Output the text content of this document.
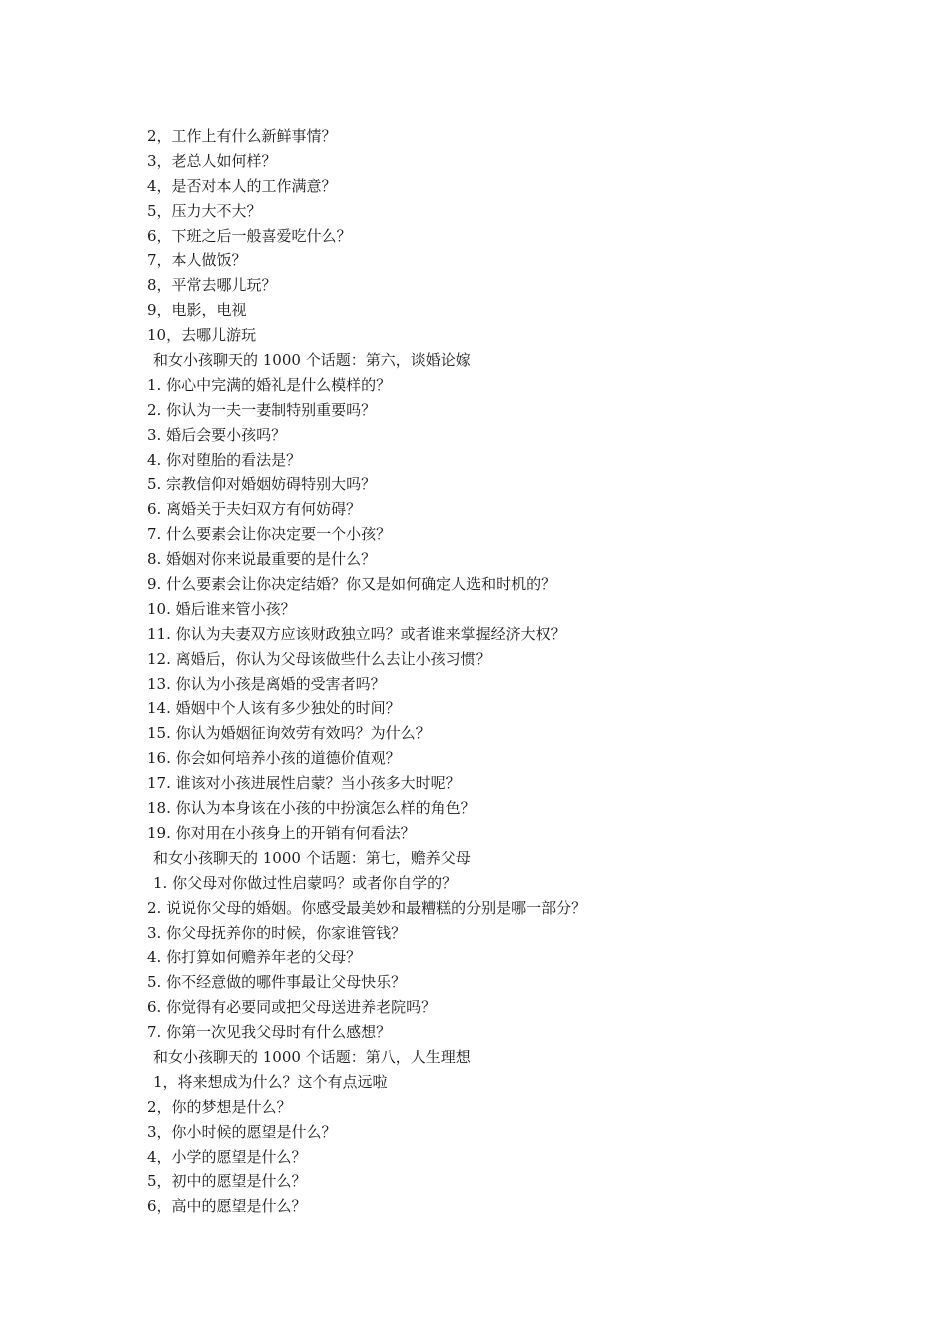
2，工作上有什么新鲜事情？
3，老总人如何样？
4，是否对本人的工作满意？
5，压力大不大？
6，下班之后一般喜爱吃什么？
7，本人做饭？
8，平常去哪儿玩？
9，电影，电视
10，去哪儿游玩
和女小孩聊天的 1000 个话题：第六，谈婚论嫁
1. 你心中完满的婚礼是什么模样的？
2. 你认为一夫一妻制特别重要吗？
3. 婚后会要小孩吗？
4. 你对堕胎的看法是？
5. 宗教信仰对婚姻妨碍特别大吗？
6. 离婚关于夫妇双方有何妨碍？
7. 什么要素会让你决定要一个小孩？
8. 婚姻对你来说最重要的是什么？
9. 什么要素会让你决定结婚？你又是如何确定人选和时机的？
10. 婚后谁来管小孩？
11. 你认为夫妻双方应该财政独立吗？或者谁来掌握经济大权？
12. 离婚后，你认为父母该做些什么去让小孩习惯？
13. 你认为小孩是离婚的受害者吗？
14. 婚姻中个人该有多少独处的时间？
15. 你认为婚姻征询效劳有效吗？为什么？
16. 你会如何培养小孩的道德价值观？
17. 谁该对小孩进展性启蒙？当小孩多大时呢？
18. 你认为本身该在小孩的中扮演怎么样的角色？
19. 你对用在小孩身上的开销有何看法？
和女小孩聊天的 1000 个话题：第七，赡养父母
1. 你父母对你做过性启蒙吗？或者你自学的？
2. 说说你父母的婚姻。你感受最美妙和最糟糕的分别是哪一部分？
3. 你父母抚养你的时候，你家谁管钱？
4. 你打算如何赡养年老的父母？
5. 你不经意做的哪件事最让父母快乐？
6. 你觉得有必要同或把父母送进养老院吗？
7. 你第一次见我父母时有什么感想？
和女小孩聊天的 1000 个话题：第八，人生理想
1，将来想成为什么？这个有点远啦
2，你的梦想是什么？
3，你小时候的愿望是什么？
4，小学的愿望是什么？
5，初中的愿望是什么？
6，高中的愿望是什么？
